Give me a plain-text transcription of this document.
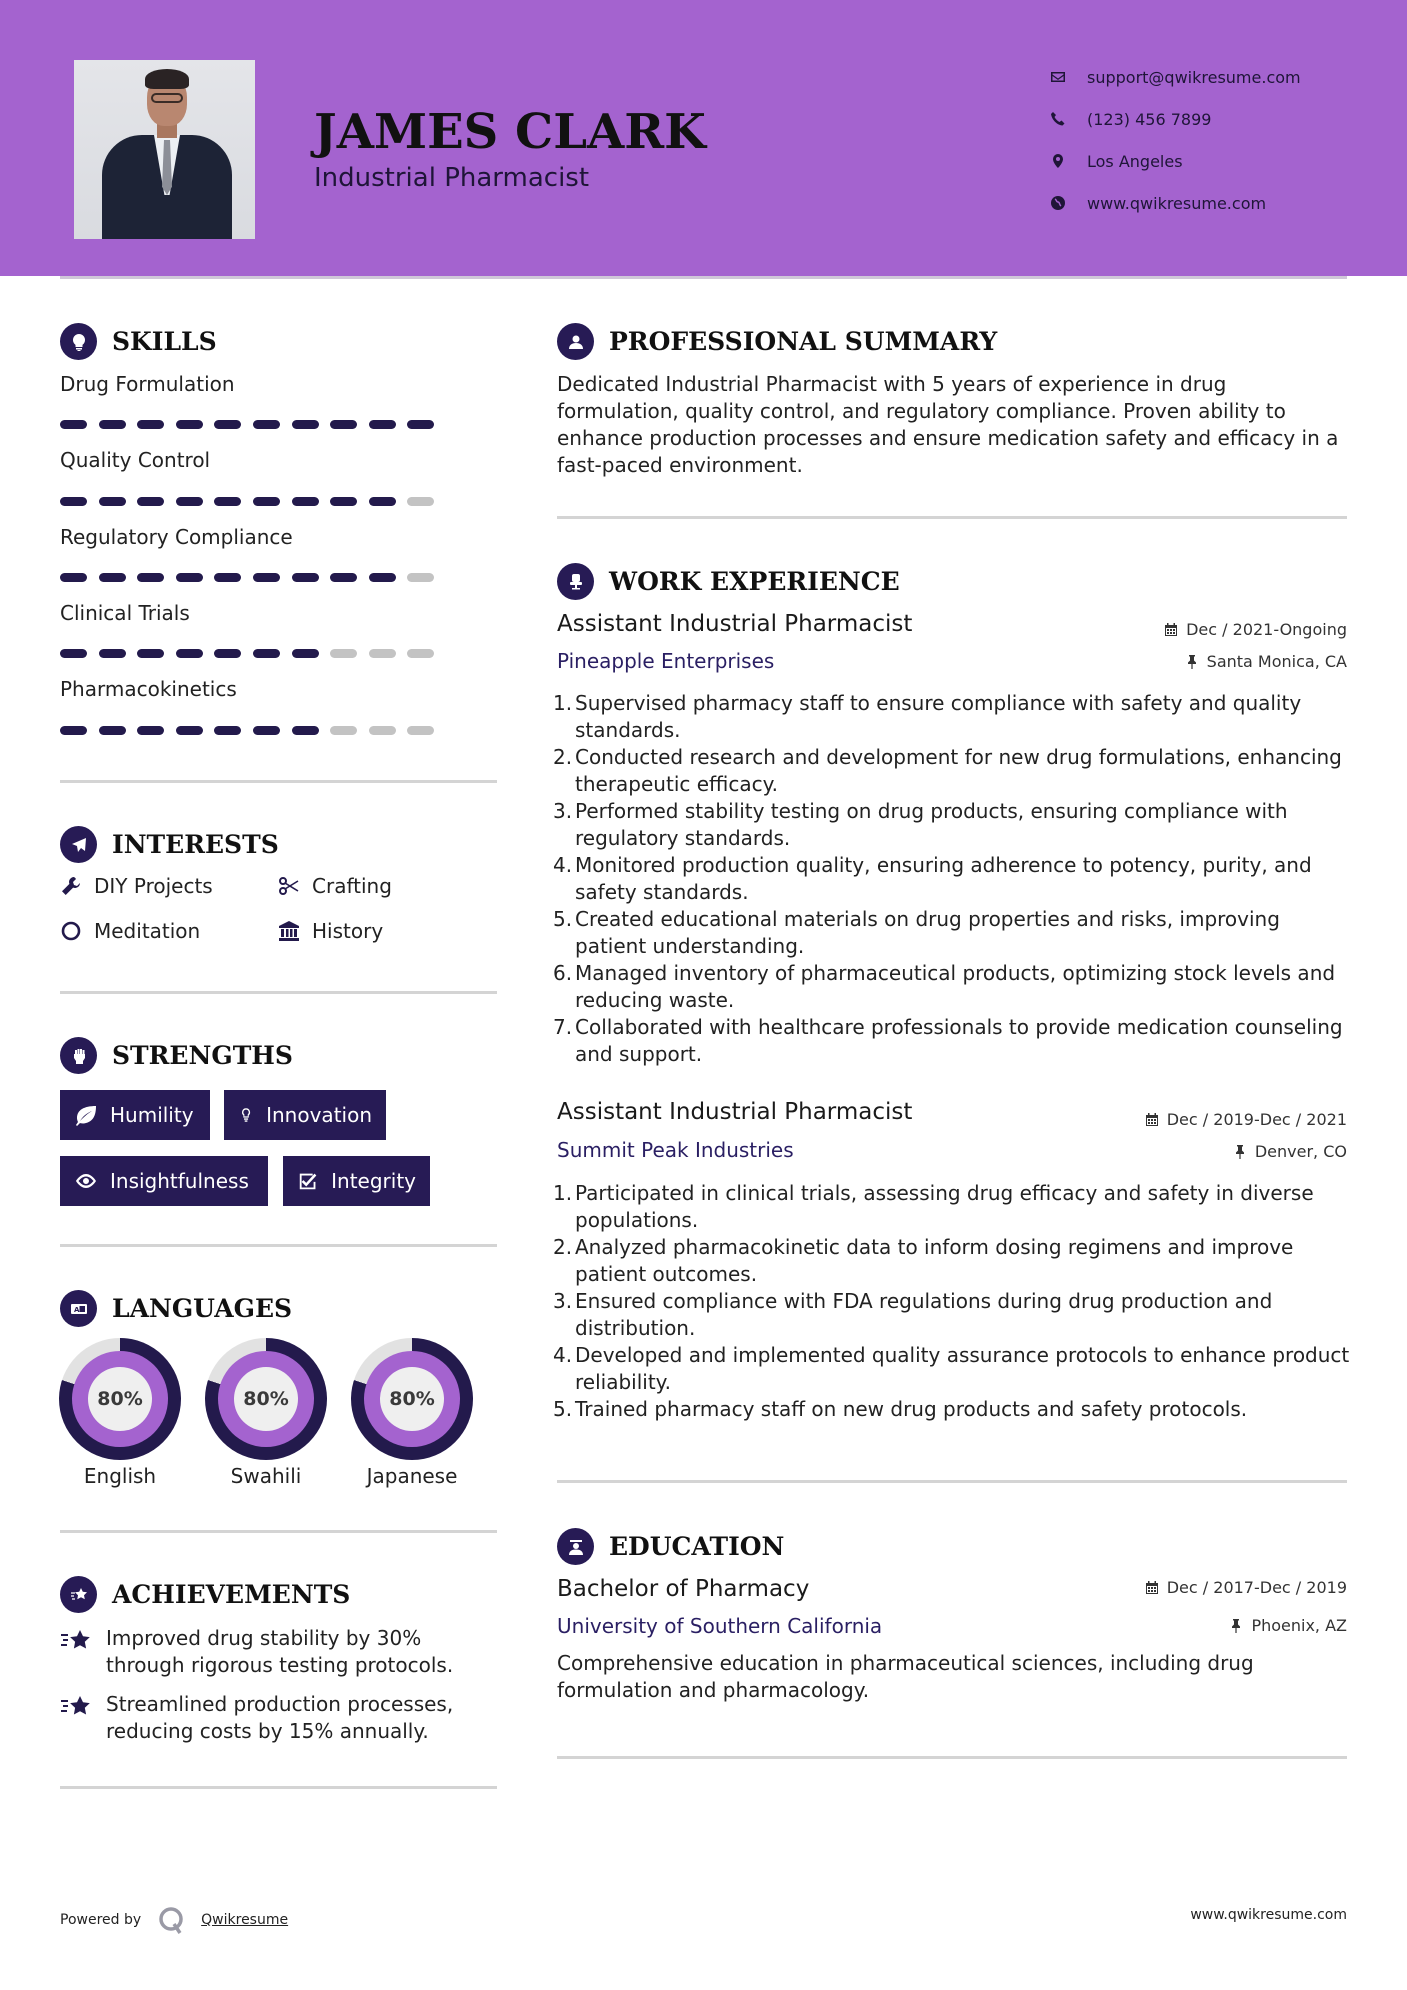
JAMES CLARK
Industrial Pharmacist
support@qwikresume.com
(123) 456 7899
Los Angeles
www.qwikresume.com
SKILLS
Drug Formulation
Quality Control
Regulatory Compliance
Clinical Trials
Pharmacokinetics
INTERESTS
DIY Projects	Crafting
Meditation	History
STRENGTHS
Humility	Innovation
Insightfulness	Integrity
A LANGUAGES
80%
English
80%
Swahili
80%
Japanese
ACHIEVEMENTS
Improved drug stability by 30% through rigorous testing protocols.
Streamlined production processes, reducing costs by 15% annually.
PROFESSIONAL SUMMARY
Dedicated Industrial Pharmacist with 5 years of experience in drug formulation, quality control, and regulatory compliance. Proven ability to enhance production processes and ensure medication safety and efficacy in a fast-paced environment.
WORK EXPERIENCE
Assistant Industrial Pharmacist	Dec / 2021-Ongoing
Pineapple Enterprises	Santa Monica, CA
Supervised pharmacy staff to ensure compliance with safety and quality standards.
Conducted research and development for new drug formulations, enhancing therapeutic efficacy.
Performed stability testing on drug products, ensuring compliance with regulatory standards.
Monitored production quality, ensuring adherence to potency, purity, and safety standards.
Created educational materials on drug properties and risks, improving patient understanding.
Managed inventory of pharmaceutical products, optimizing stock levels and reducing waste.
Collaborated with healthcare professionals to provide medication counseling and support.
Assistant Industrial Pharmacist	Dec / 2019-Dec / 2021
Summit Peak Industries	Denver, CO
Participated in clinical trials, assessing drug efficacy and safety in diverse populations.
Analyzed pharmacokinetic data to inform dosing regimens and improve patient outcomes.
Ensured compliance with FDA regulations during drug production and distribution.
Developed and implemented quality assurance protocols to enhance product reliability.
Trained pharmacy staff on new drug products and safety protocols.
EDUCATION
Bachelor of Pharmacy	Dec / 2017-Dec / 2019
University of Southern California	Phoenix, AZ
Comprehensive education in pharmaceutical sciences, including drug formulation and pharmacology.
Powered by	Qwikresume	www.qwikresume.com
